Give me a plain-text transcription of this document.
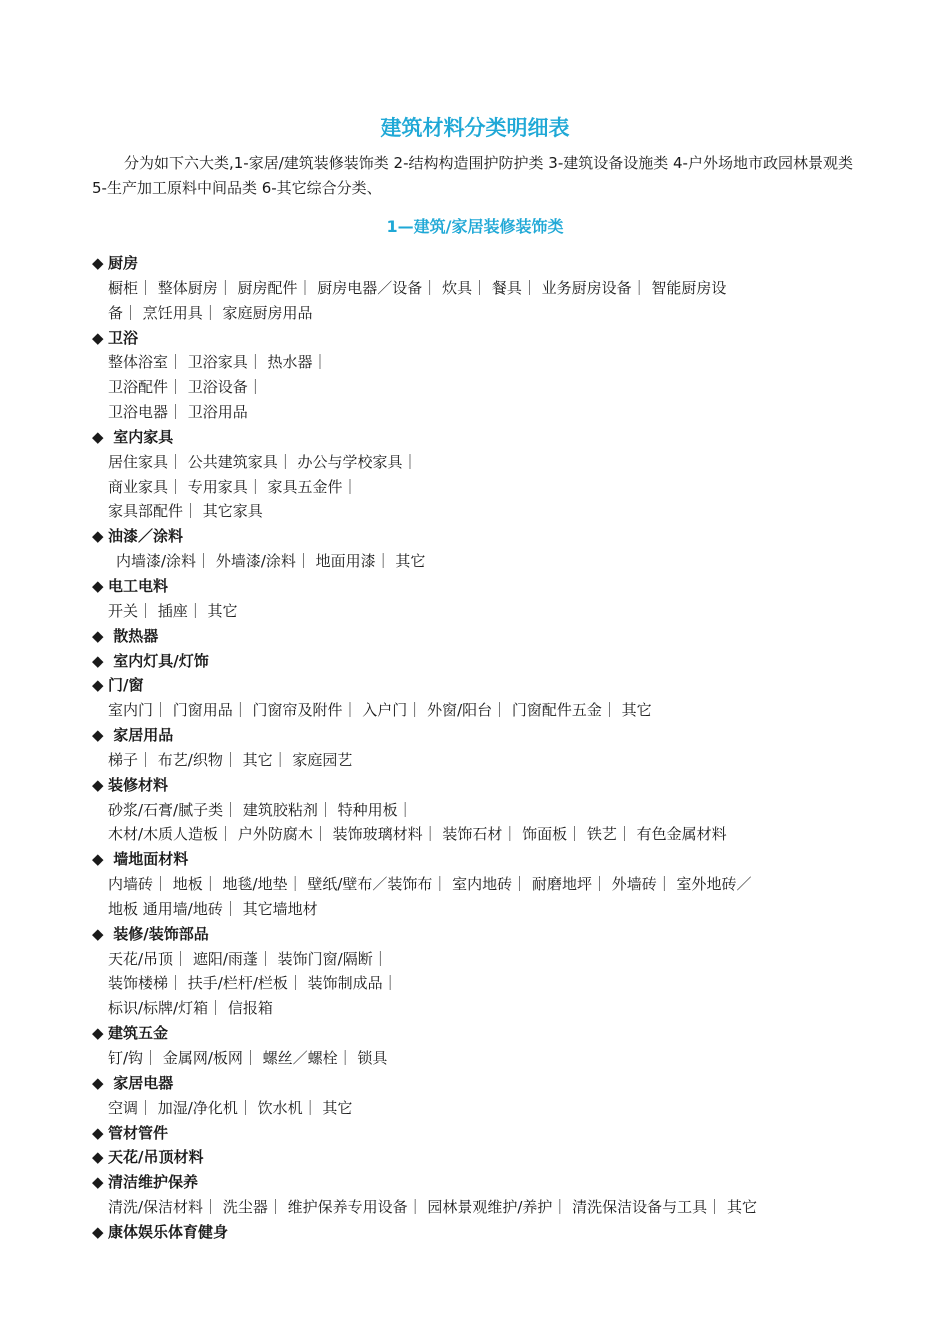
建筑材料分类明细表

分为如下六大类,1-家居/建筑装修装饰类 2-结构构造围护防护类 3-建筑设备设施类 4-户外场地市政园林景观类 5-生产加工原料中间品类 6-其它综合分类、

1—建筑/家居装修装饰类
◆ 厨房
橱柜｜ 整体厨房｜ 厨房配件｜ 厨房电器／设备｜ 炊具｜ 餐具｜ 业务厨房设备｜ 智能厨房设
备｜ 烹饪用具｜ 家庭厨房用品
◆ 卫浴
整体浴室｜ 卫浴家具｜ 热水器｜
卫浴配件｜ 卫浴设备｜
卫浴电器｜ 卫浴用品
◆ 室内家具
居住家具｜ 公共建筑家具｜ 办公与学校家具｜
商业家具｜ 专用家具｜ 家具五金件｜
家具部配件｜ 其它家具
◆ 油漆／涂料
内墙漆/涂料｜ 外墙漆/涂料｜ 地面用漆｜ 其它
◆ 电工电料
开关｜ 插座｜ 其它
◆ 散热器
◆ 室内灯具/灯饰
◆ 门/窗
室内门｜ 门窗用品｜ 门窗帘及附件｜ 入户门｜ 外窗/阳台｜ 门窗配件五金｜ 其它
◆ 家居用品
梯子｜ 布艺/织物｜ 其它｜ 家庭园艺
◆ 装修材料
砂浆/石膏/腻子类｜ 建筑胶粘剂｜ 特种用板｜
木材/木质人造板｜ 户外防腐木｜ 装饰玻璃材料｜ 装饰石材｜ 饰面板｜ 铁艺｜ 有色金属材料
◆ 墙地面材料
内墙砖｜ 地板｜ 地毯/地垫｜ 壁纸/壁布／装饰布｜ 室内地砖｜ 耐磨地坪｜ 外墙砖｜ 室外地砖／
地板 通用墙/地砖｜ 其它墙地材
◆ 装修/装饰部品
天花/吊顶｜ 遮阳/雨蓬｜ 装饰门窗/隔断｜
装饰楼梯｜ 扶手/栏杆/栏板｜ 装饰制成品｜
标识/标牌/灯箱｜ 信报箱
◆ 建筑五金
钉/钩｜ 金属网/板网｜ 螺丝／螺栓｜ 锁具
◆ 家居电器
空调｜ 加湿/净化机｜ 饮水机｜ 其它
◆ 管材管件
◆ 天花/吊顶材料
◆ 清洁维护保养
清洗/保洁材料｜ 洗尘器｜ 维护保养专用设备｜ 园林景观维护/养护｜ 清洗保洁设备与工具｜ 其它
◆ 康体娱乐体育健身
